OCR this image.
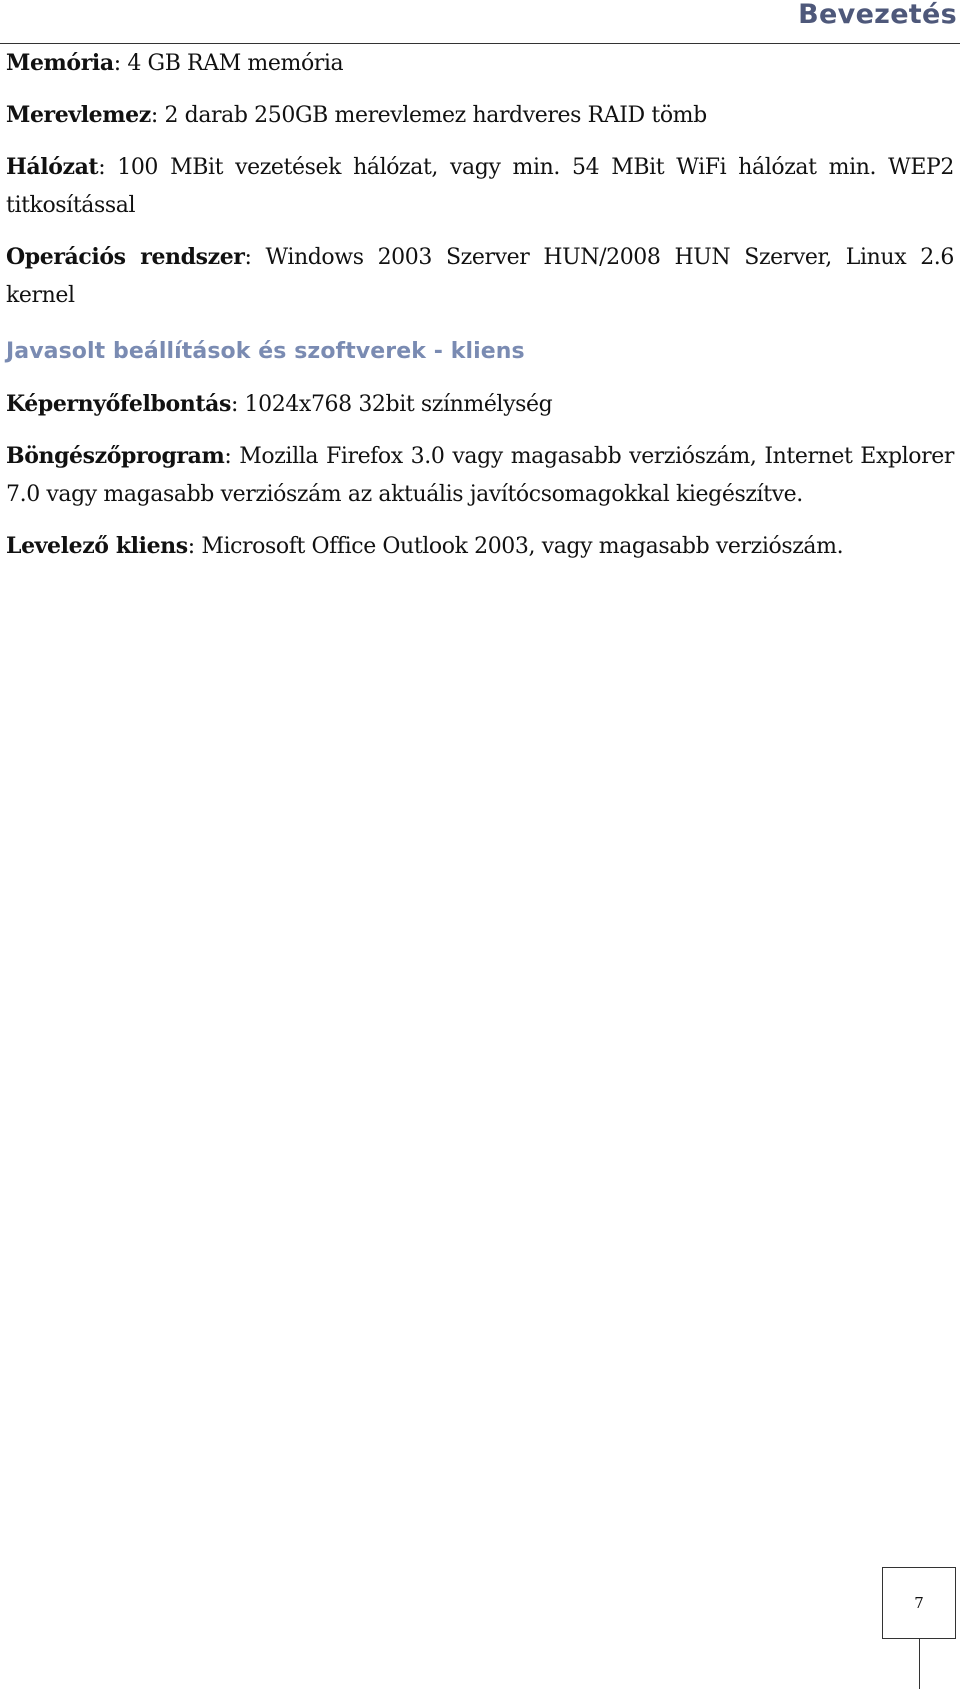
Bevezetés

Memória: 4 GB RAM memória

Merevlemez: 2 darab 250GB merevlemez hardveres RAID tömb

Hálózat: 100 MBit vezetések hálózat, vagy min. 54 MBit WiFi hálózat min. WEP2 titkosítással

Operációs rendszer: Windows 2003 Szerver HUN/2008 HUN Szerver, Linux 2.6 kernel

Javasolt beállítások és szoftverek - kliens

Képernyőfelbontás: 1024x768 32bit színmélység

Böngészőprogram: Mozilla Firefox 3.0 vagy magasabb verziószám, Internet Explorer 7.0 vagy magasabb verziószám az aktuális javítócsomagokkal kiegészítve.

Levelező kliens: Microsoft Office Outlook 2003, vagy magasabb verziószám.

7
